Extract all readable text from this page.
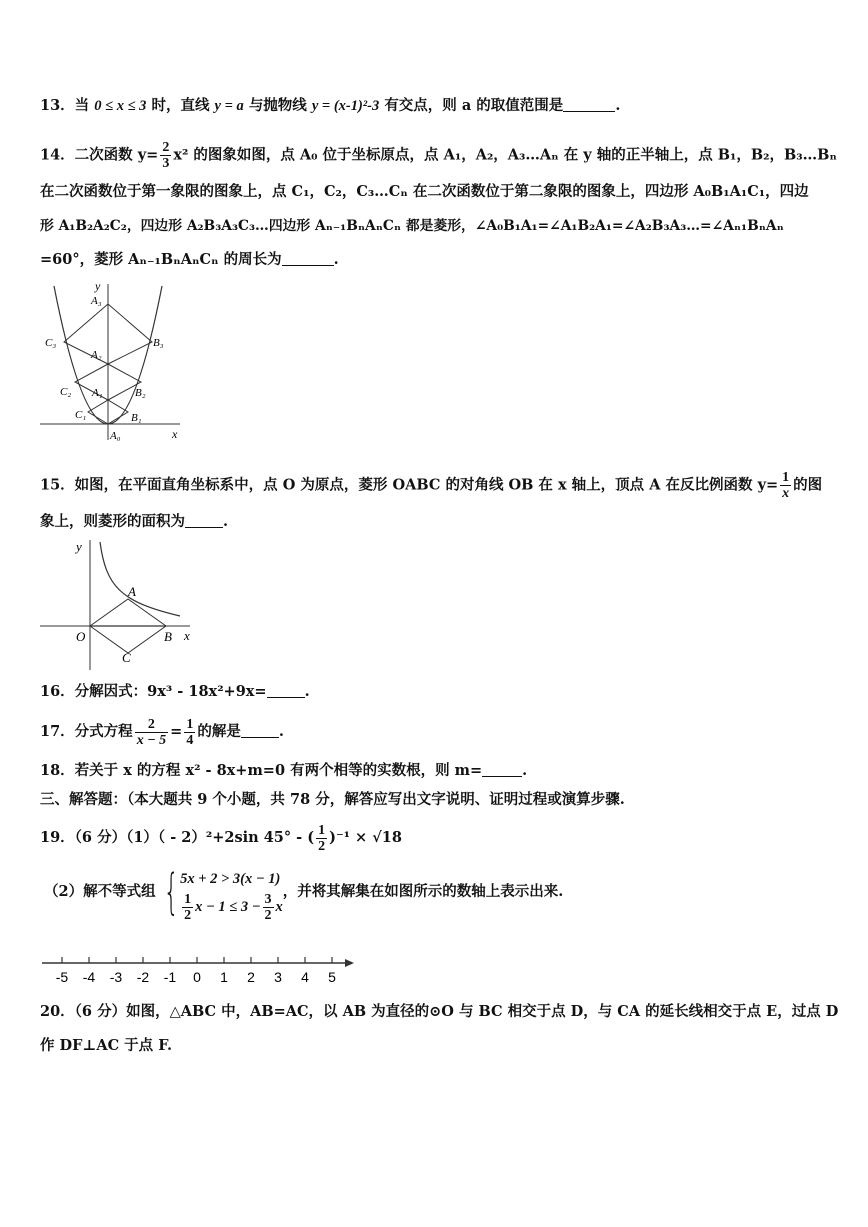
13．当 0 ≤ x ≤ 3 时，直线 y = a 与抛物线 y = (x-1)²-3 有交点，则 a 的取值范围是	.
14．二次函数 $y= \frac{2}{3} x^2$ 的图象如图，点 A₀ 位于坐标原点，点 A₁，A₂，A₃…Aₙ 在 y 轴的正半轴上，点 B₁，B₂，B₃…Bₙ
在二次函数位于第一象限的图象上，点 C₁，C₂，C₃…Cₙ 在二次函数位于第二象限的图象上，四边形 A₀B₁A₁C₁，四边
形 A₁B₂A₂C₂，四边形 A₂B₃A₃C₃…四边形 Aₙ₋₁BₙAₙCₙ 都是菱形，∠A₀B₁A₁=∠A₁B₂A₁=∠A₂B₃A₃…=∠Aₙ₁BₙAₙ
=60°，菱形 Aₙ₋₁BₙAₙCₙ 的周长为	.
x
y
A₃
A₂
A₁
A₀
B₃
B₂
B₁
C₃
C₂
C₁
15．如图，在平面直角坐标系中，点 O 为原点，菱形 OABC 的对角线 OB 在 x 轴上，顶点 A 在反比例函数 $y= \frac{1}{x}$ 的图
象上，则菱形的面积为	.
y
x
O
A
B
C
16．分解因式：9x³ - 18x²+9x=	.
17．分式方程 $\frac{2}{x - 5} = \frac{1}{4}$ 的解是	.
18．若关于 x 的方程 x² - 8x+m=0 有两个相等的实数根，则 m=	.
三、解答题：（本大题共 9 个小题，共 78 分，解答应写出文字说明、证明过程或演算步骤.
19．（6 分）（1）（ - 2）²+2sin 45° - ( $\frac{1}{2} )^{-1} \times √18$
（2）解不等式组 { 5x + 2 > 3(x − 1)
$\frac{1}{2}$ $x - 1 \le 3 - \frac{3}{2}$ x
，并将其解集在如图所示的数轴上表示出来.
-5 -4 -3 -2 -1 0 1 2 3 4 5
20．（6 分）如图，△ABC 中，AB=AC，以 AB 为直径的⊙O 与 BC 相交于点 D，与 CA 的延长线相交于点 E，过点 D
作 DF⊥AC 于点 F.
